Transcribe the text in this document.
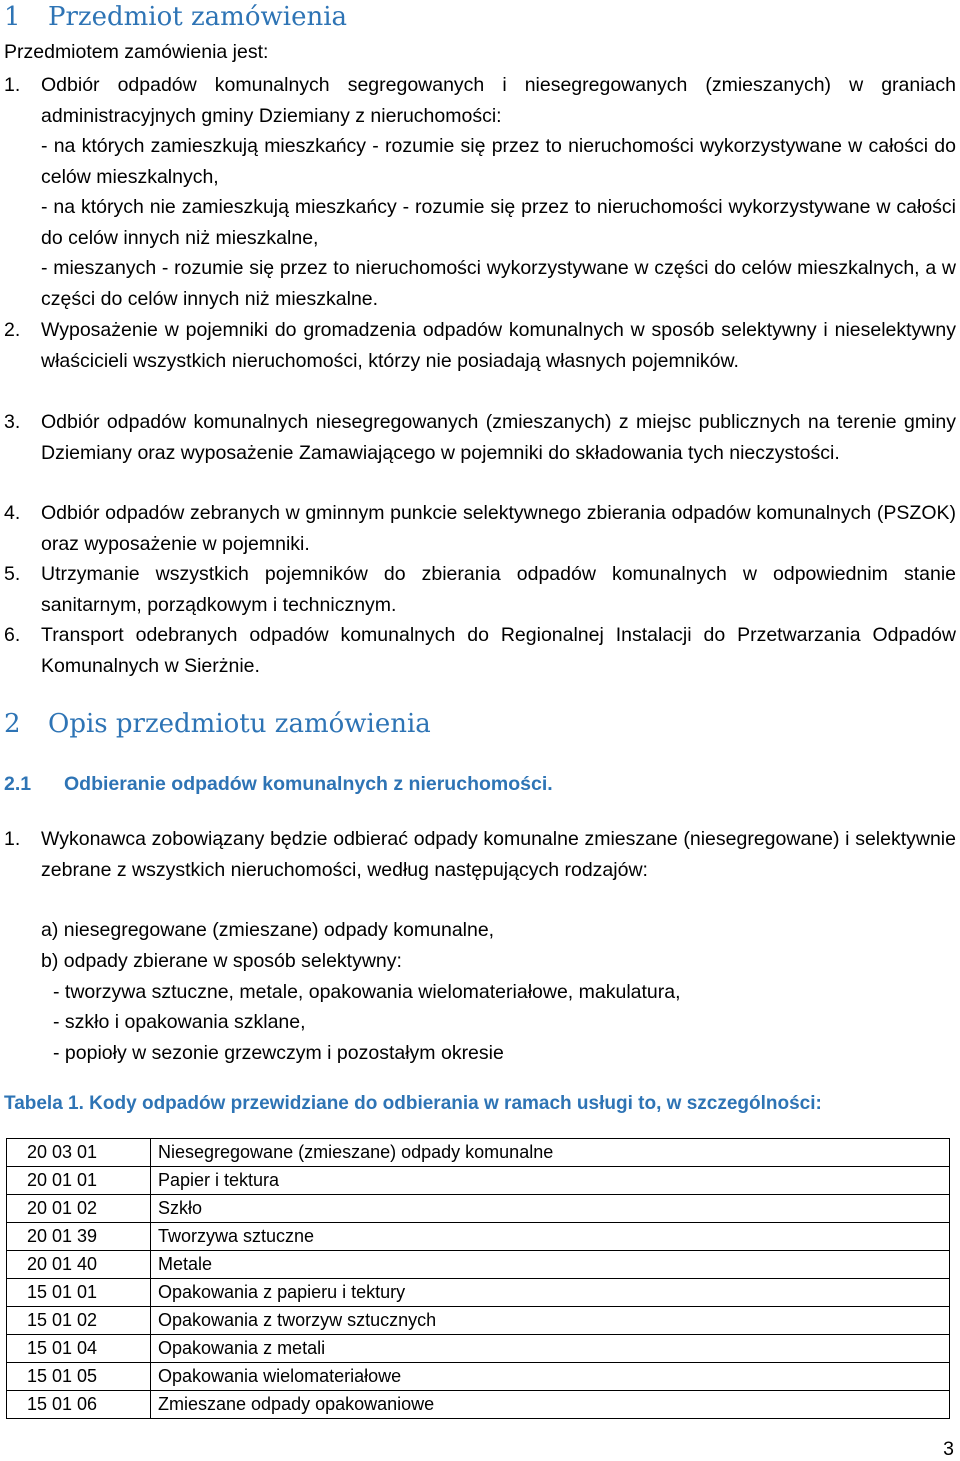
1 Przedmiot zamówienia
Przedmiotem zamówienia jest:
1. Odbiór odpadów komunalnych segregowanych i niesegregowanych (zmieszanych) w graniach administracyjnych gminy Dziemiany z nieruchomości:
- na których zamieszkują mieszkańcy - rozumie się przez to nieruchomości wykorzystywane w całości do celów mieszkalnych,
- na których nie zamieszkują mieszkańcy - rozumie się przez to nieruchomości wykorzystywane w całości do celów innych niż mieszkalne,
- mieszanych - rozumie się przez to nieruchomości wykorzystywane w części do celów mieszkalnych, a w części do celów innych niż mieszkalne.
2. Wyposażenie w pojemniki do gromadzenia odpadów komunalnych w sposób selektywny i nieselektywny właścicieli wszystkich nieruchomości, którzy nie posiadają własnych pojemników.
3. Odbiór odpadów komunalnych niesegregowanych (zmieszanych) z miejsc publicznych na terenie gminy Dziemiany oraz wyposażenie Zamawiającego w pojemniki do składowania tych nieczystości.
4. Odbiór odpadów zebranych w gminnym punkcie selektywnego zbierania odpadów komunalnych (PSZOK) oraz wyposażenie w pojemniki.
5. Utrzymanie wszystkich pojemników do zbierania odpadów komunalnych w odpowiednim stanie sanitarnym, porządkowym i technicznym.
6. Transport odebranych odpadów komunalnych do Regionalnej Instalacji do Przetwarzania Odpadów Komunalnych w Sierżnie.
2 Opis przedmiotu zamówienia
2.1 Odbieranie odpadów komunalnych z nieruchomości.
1. Wykonawca zobowiązany będzie odbierać odpady komunalne zmieszane (niesegregowane) i selektywnie zebrane z wszystkich nieruchomości, według następujących rodzajów:
a) niesegregowane (zmieszane) odpady komunalne,
b) odpady zbierane w sposób selektywny:
- tworzywa sztuczne, metale, opakowania wielomateriałowe, makulatura,
- szkło i opakowania szklane,
- popioły w sezonie grzewczym i pozostałym okresie
Tabela 1. Kody odpadów przewidziane do odbierania w ramach usługi to, w szczególności:
20 03 01	Niesegregowane (zmieszane) odpady komunalne
20 01 01	Papier i tektura
20 01 02	Szkło
20 01 39	Tworzywa sztuczne
20 01 40	Metale
15 01 01	Opakowania z papieru i tektury
15 01 02	Opakowania z tworzyw sztucznych
15 01 04	Opakowania z metali
15 01 05	Opakowania wielomateriałowe
15 01 06	Zmieszane odpady opakowaniowe
3
